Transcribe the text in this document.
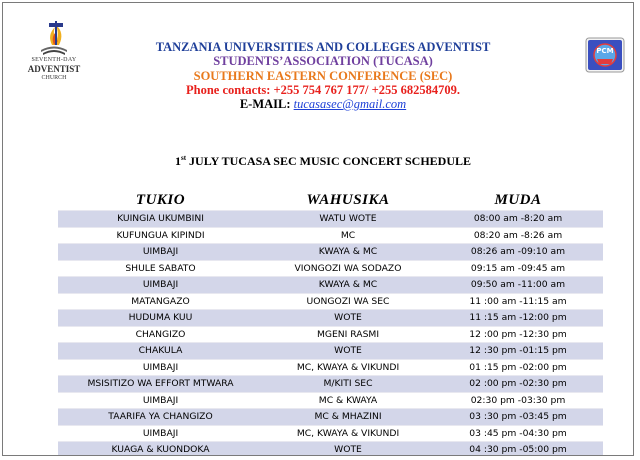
SEVENTH-DAY
ADVENTIST
CHURCH
PCM
TANZANIA UNIVERSITIES AND COLLEGES ADVENTIST
STUDENTS’ASSOCIATION (TUCASA)
SOUTHERN EASTERN CONFERENCE (SEC)
Phone contacts: +255 754 767 177/ +255 682584709.
E-MAIL: tucasasec@gmail.com
1st JULY TUCASA SEC MUSIC CONCERT SCHEDULE
TUKIO	WAHUSIKA	MUDA
KUINGIA UKUMBINI	WATU WOTE	08:00 am -8:20 am
KUFUNGUA KIPINDI	MC	08:20 am -8:26 am
UIMBAJI	KWAYA & MC	08:26 am -09:10 am
SHULE SABATO	VIONGOZI WA SODAZO	09:15 am -09:45 am
UIMBAJI	KWAYA & MC	09:50 am -11:00 am
MATANGAZO	UONGOZI WA SEC	11 :00 am -11:15 am
HUDUMA KUU	WOTE	11 :15 am -12:00 pm
CHANGIZO	MGENI RASMI	12 :00 pm -12:30 pm
CHAKULA	WOTE	12 :30 pm -01:15 pm
UIMBAJI	MC, KWAYA & VIKUNDI	01 :15 pm -02:00 pm
MSISITIZO WA EFFORT MTWARA	M/KITI SEC	02 :00 pm -02:30 pm
UIMBAJI	MC & KWAYA	02:30 pm -03:30 pm
TAARIFA YA CHANGIZO	MC & MHAZINI	03 :30 pm -03:45 pm
UIMBAJI	MC, KWAYA & VIKUNDI	03 :45 pm -04:30 pm
KUAGA & KUONDOKA	WOTE	04 :30 pm -05:00 pm
